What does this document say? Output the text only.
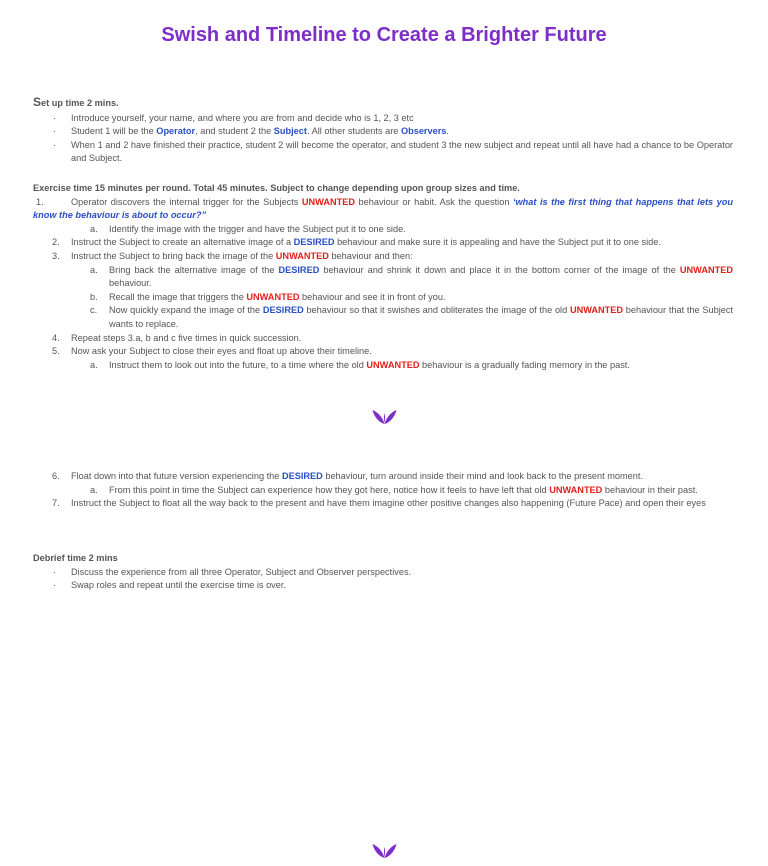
Swish and Timeline to Create a Brighter Future
Set up time 2 mins.
· Introduce yourself, your name, and where you are from and decide who is 1, 2, 3 etc
· Student 1 will be the Operator, and student 2 the Subject. All other students are Observers.
· When 1 and 2 have finished their practice, student 2 will become the operator, and student 3 the new subject and repeat until all have had a chance to be Operator and Subject.
Exercise time 15 minutes per round. Total 45 minutes. Subject to change depending upon group sizes and time.
1.	Operator discovers the internal trigger for the Subjects UNWANTED behaviour or habit. Ask the question ‘what is the first thing that happens that lets you know the behaviour is about to occur?”
a. Identify the image with the trigger and have the Subject put it to one side.
2. Instruct the Subject to create an alternative image of a DESIRED behaviour and make sure it is appealing and have the Subject put it to one side.
3. Instruct the Subject to bring back the image of the UNWANTED behaviour and then:
a. Bring back the alternative image of the DESIRED behaviour and shrink it down and place it in the bottom corner of the image of the UNWANTED behaviour.
b. Recall the image that triggers the UNWANTED behaviour and see it in front of you.
c. Now quickly expand the image of the DESIRED behaviour so that it swishes and obliterates the image of the old UNWANTED behaviour that the Subject wants to replace.
4. Repeat steps 3.a, b and c five times in quick succession.
5. Now ask your Subject to close their eyes and float up above their timeline.
a. Instruct them to look out into the future, to a time where the old UNWANTED behaviour is a gradually fading memory in the past.
6. Float down into that future version experiencing the DESIRED behaviour, turn around inside their mind and look back to the present moment.
a. From this point in time the Subject can experience how they got here, notice how it feels to have left that old UNWANTED behaviour in their past.
7. Instruct the Subject to float all the way back to the present and have them imagine other positive changes also happening (Future Pace) and open their eyes
Debrief time 2 mins
· Discuss the experience from all three Operator, Subject and Observer perspectives.
· Swap roles and repeat until the exercise time is over.
